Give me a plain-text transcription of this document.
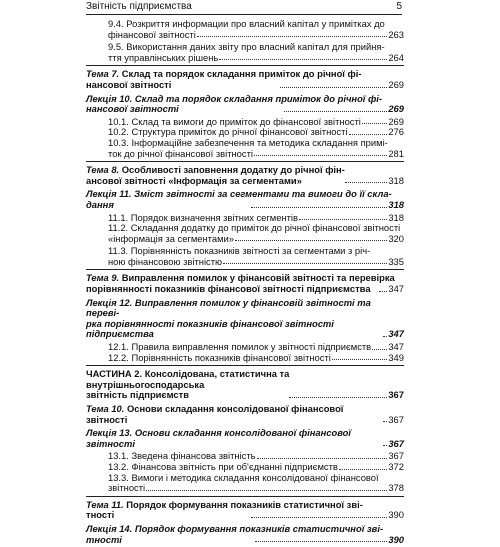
Звітність підприємства	5
9.4. Розкриття информации про власний капітал у примітках до
фінансової звітності	263
9.5. Використання даних звіту про власний капітал для прийня-
ття управлінських рішень	264
Тема 7. Склад та порядок складання приміток до річної фі-
нансової звітності	269
Лекція 10. Склад та порядок складання приміток до річної фі-
нансової звітності	269
10.1. Склад та вимоги до приміток до фінансової звітності	269
10.2. Структура приміток до річної фінансової звітності	276
10.3. Інформаційне забезпечення та методика складання примі-
ток до річної фінансової звітності	281
Тема 8. Особливості заповнення додатку до річної фін-
ансової звітності «Інформація за сегментами»	318
Лекція 11. Зміст звітності за сегментами та вимоги до її скла-
дання	318
11.1. Порядок визначення звітних сегментів	318
11.2. Складання додатку до приміток до річної фінансової звітності
«інформація за сегментами»	320
11.3. Порівнянність показників звітності за сегментами з річ-
ною фінансовою звітністю	335
Тема 9. Виправлення помилок у фінансовій звітності та перевірка
порівнянності показників фінансової звітності підприємства	347
Лекція 12. Виправлення помилок у фінансовій звітності та переві-
рка порівнянності показників фінансової звітності підприємства	347
12.1. Правила виправлення помилок у звітності підприємств 347
12.2. Порівнянність показників фінансової звітності	349
ЧАСТИНА 2. Консолідована, статистична та внутрішньогосподарська
звітність підприємств	367
Тема 10. Основи складання консолідованої фінансової звітності	367
Лекція 13. Основи складання консолідованої фінансової звітності	367
13.1. Зведена фінансова звітність	367
13.2. Фінансова звітність при об'єднанні підприємств	372
13.3. Вимоги і методика складання консолідованої фінансової
звітності	378
Тема 11. Порядок формування показників статистичної зві-
тності	390
Лекція 14. Порядок формування показників статистичної зві-
тності	390
